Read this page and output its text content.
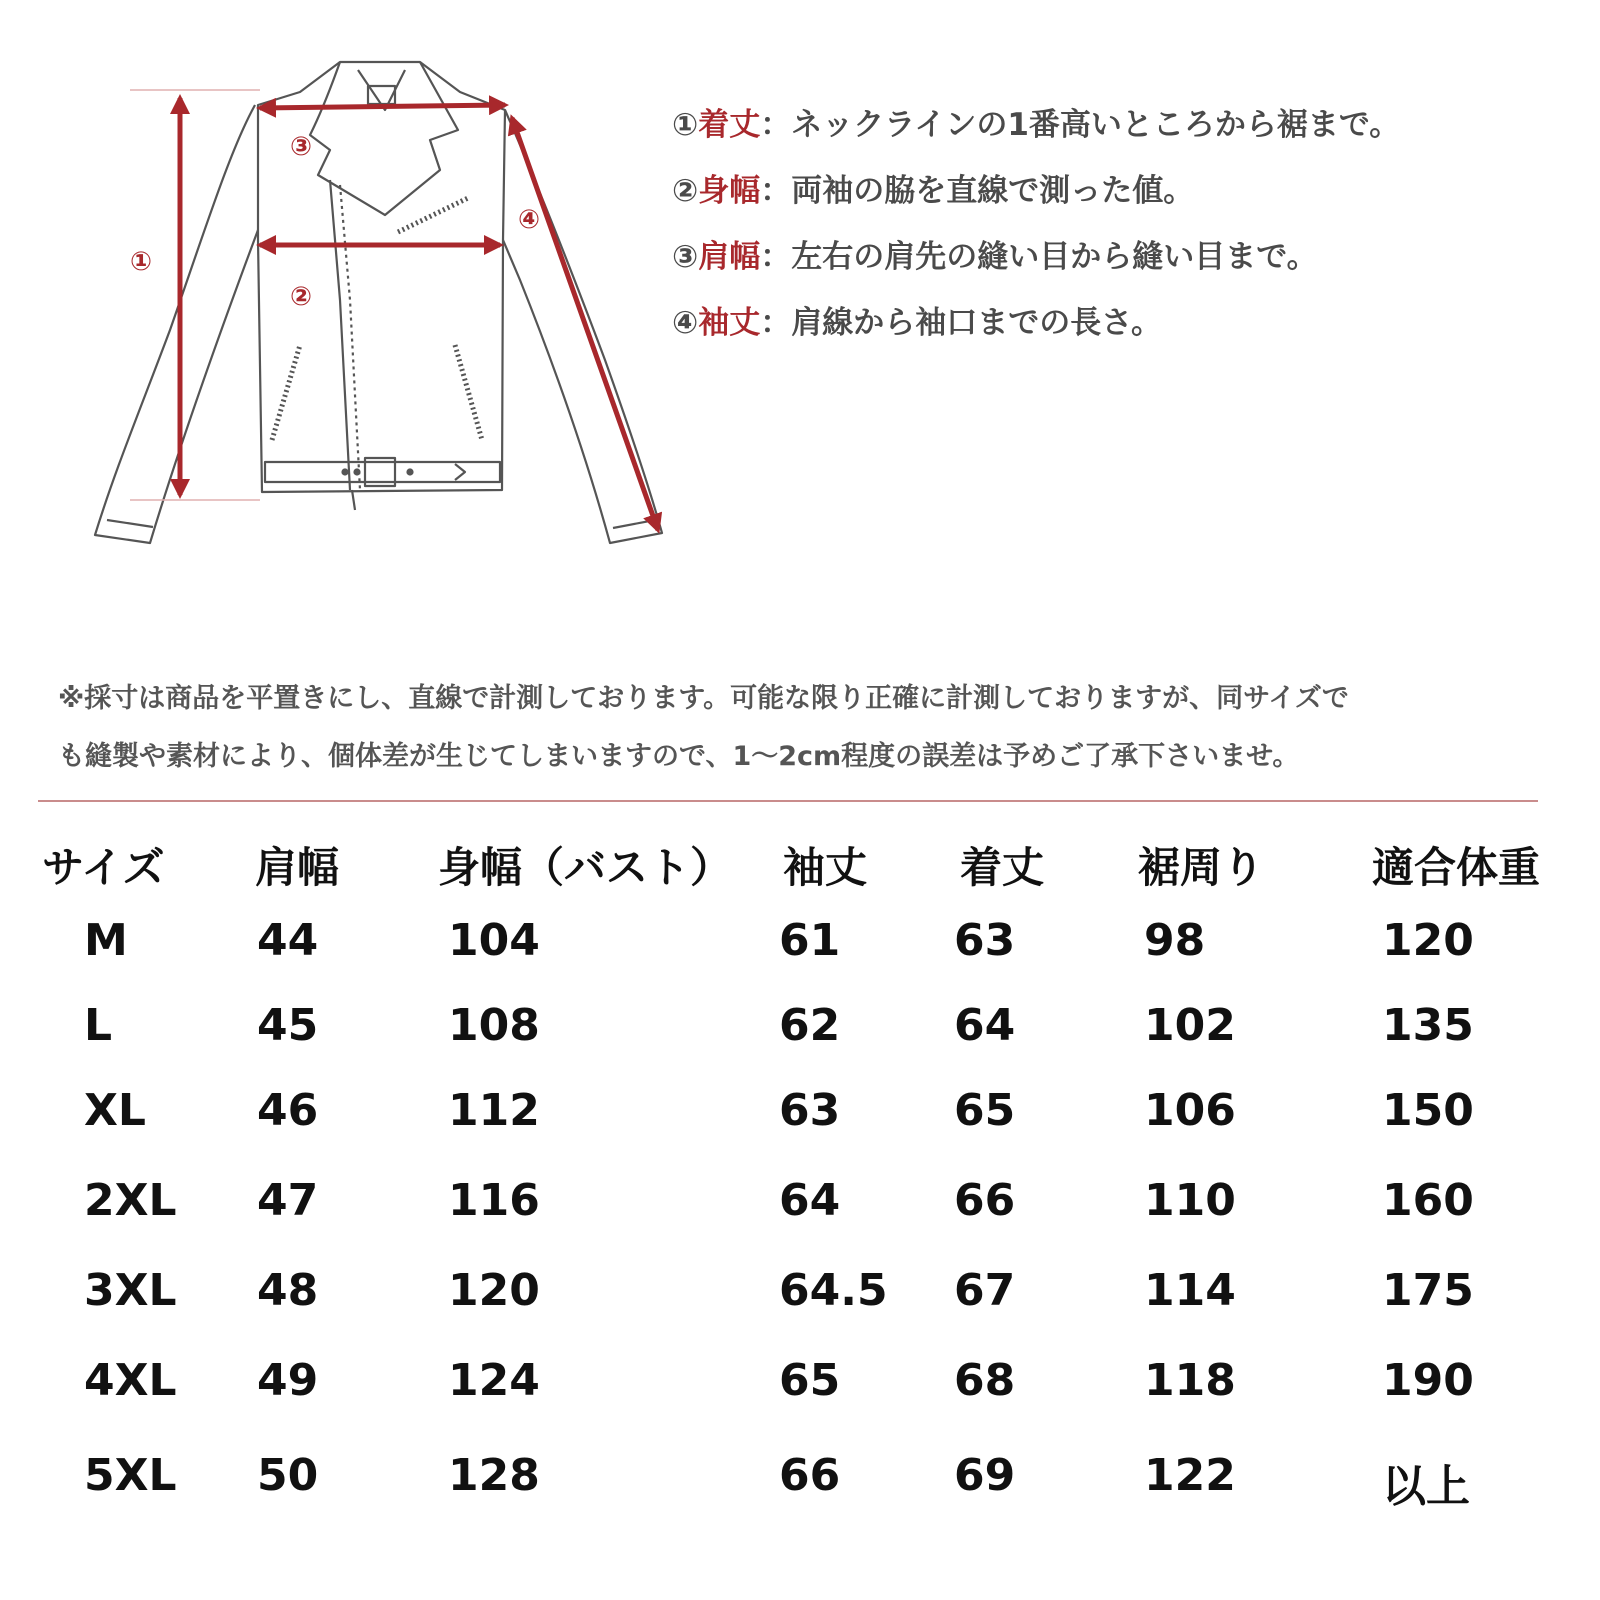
①
②
③
④
①着丈：ネックラインの1番高いところから裾まで。
②身幅：両袖の脇を直線で測った値。
③肩幅：左右の肩先の縫い目から縫い目まで。
④袖丈：肩線から袖口までの長さ。
※採寸は商品を平置きにし、直線で計測しております。可能な限り正確に計測しておりますが、同サイズで
も縫製や素材により、個体差が生じてしまいますので、1～2cm程度の誤差は予めご了承下さいませ。
サイズ 肩幅 身幅（バスト） 袖丈 着丈 裾周り	適合体重
M	44	104	61	63	98	120
L	45	108	62	64	102	135
XL	46	112	63	65	106	150
2XL 47	116	64	66	110	160
3XL 48	120	64.5 67	114	175
4XL 49	124	65	68	118	190
5XL 50	128	66	69	122	以上
